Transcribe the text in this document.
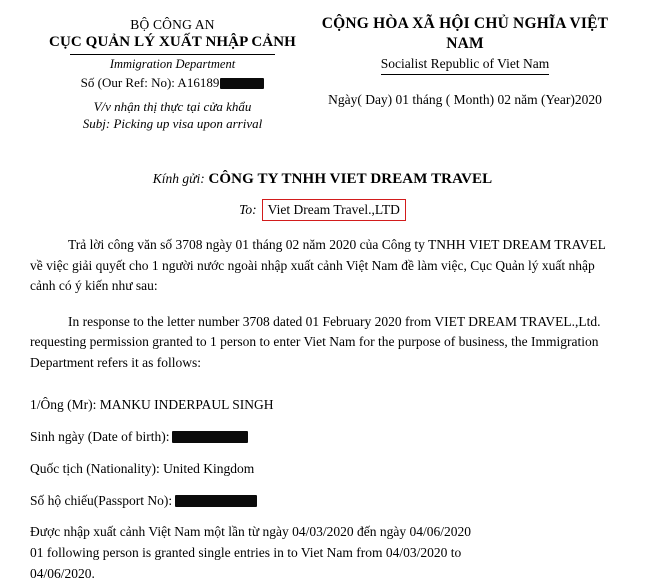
BỘ CÔNG AN
CỤC QUẢN LÝ XUẤT NHẬP CẢNH
Immigration Department
Số (Our Ref: No): A16189
V/v nhận thị thực tại cửa khẩu
Subj: Picking up visa upon arrival
CỘNG HÒA XÃ HỘI CHỦ NGHĨA VIỆT NAM
Socialist Republic of Viet Nam
Ngày( Day) 01 tháng ( Month) 02 năm (Year)2020
Kính gửi: CÔNG TY TNHH VIET DREAM TRAVEL
To: Viet Dream Travel.,LTD
Trả lời công văn số 3708 ngày 01 tháng 02 năm 2020 của Công ty TNHH VIET DREAM TRAVEL về việc giải quyết cho 1 người nước ngoài nhập xuất cảnh Việt Nam đề làm việc, Cục Quản lý xuất nhập cảnh có ý kiến như sau:
In response to the letter number 3708 dated 01 February 2020 from VIET DREAM TRAVEL.,Ltd. requesting permission granted to 1 person to enter Viet Nam for the purpose of business, the Immigration Department refers it as follows:
1/Ông (Mr): MANKU INDERPAUL SINGH
Sinh ngày (Date of birth):
Quốc tịch (Nationality): United Kingdom
Số hộ chiếu(Passport No):
Được nhập xuất cảnh Việt Nam một lần từ ngày 04/03/2020 đến ngày 04/06/2020
01 following person is granted single entries in to Viet Nam from 04/03/2020 to
04/06/2020.
